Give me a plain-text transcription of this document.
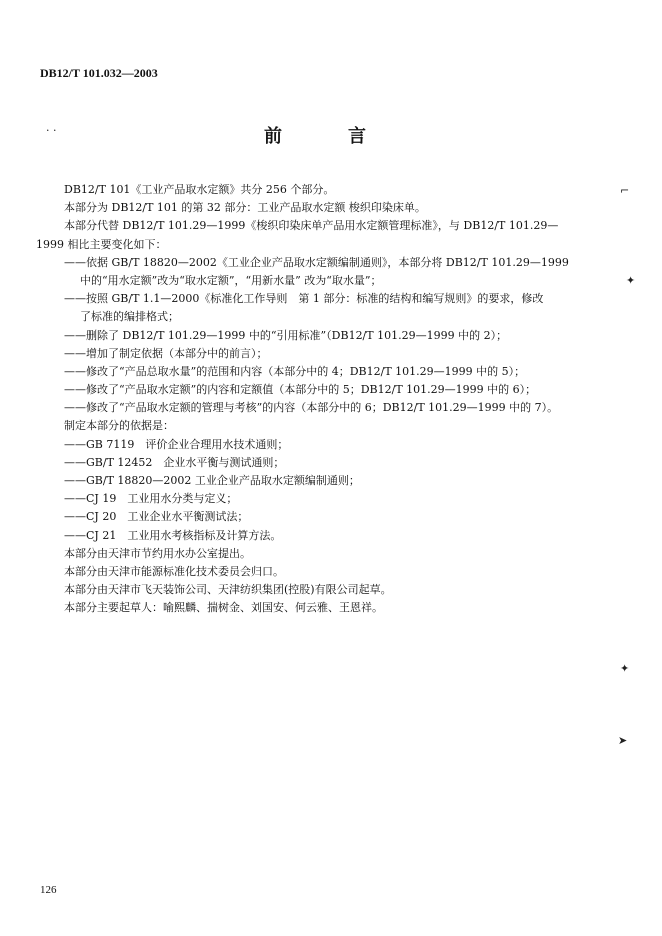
DB12/T 101.032—2003
前　言
DB12/T 101《工业产品取水定额》共分 256 个部分。
本部分为 DB12/T 101 的第 32 部分：工业产品取水定额 梭织印染床单。
本部分代替 DB12/T 101.29—1999《梭织印染床单产品用水定额管理标准》，与 DB12/T 101.29—
1999 相比主要变化如下：
——依据 GB/T 18820—2002《工业企业产品取水定额编制通则》，本部分将 DB12/T 101.29—1999
中的“用水定额”改为“取水定额”，“用新水量” 改为“取水量”；
——按照 GB/T 1.1—2000《标准化工作导则　第 1 部分：标准的结构和编写规则》的要求，修改
了标准的编排格式；
——删除了 DB12/T 101.29—1999 中的“引用标准”（DB12/T 101.29—1999 中的 2）；
——增加了制定依据（本部分中的前言）；
——修改了“产品总取水量”的范围和内容（本部分中的 4；DB12/T 101.29—1999 中的 5）；
——修改了“产品取水定额”的内容和定额值（本部分中的 5；DB12/T 101.29—1999 中的 6）；
——修改了“产品取水定额的管理与考核”的内容（本部分中的 6；DB12/T 101.29—1999 中的 7）。
制定本部分的依据是：
——GB 7119　评价企业合理用水技术通则；
——GB/T 12452　企业水平衡与测试通则；
——GB/T 18820—2002 工业企业产品取水定额编制通则；
——CJ 19　工业用水分类与定义；
——CJ 20　工业企业水平衡测试法；
——CJ 21　工业用水考核指标及计算方法。
本部分由天津市节约用水办公室提出。
本部分由天津市能源标准化技术委员会归口。
本部分由天津市飞天装饰公司、天津纺织集团(控股)有限公司起草。
本部分主要起草人：喻熙麟、揣树金、刘国安、何云雅、王恩祥。
· ·
⌐
✦
✦
➤
126
